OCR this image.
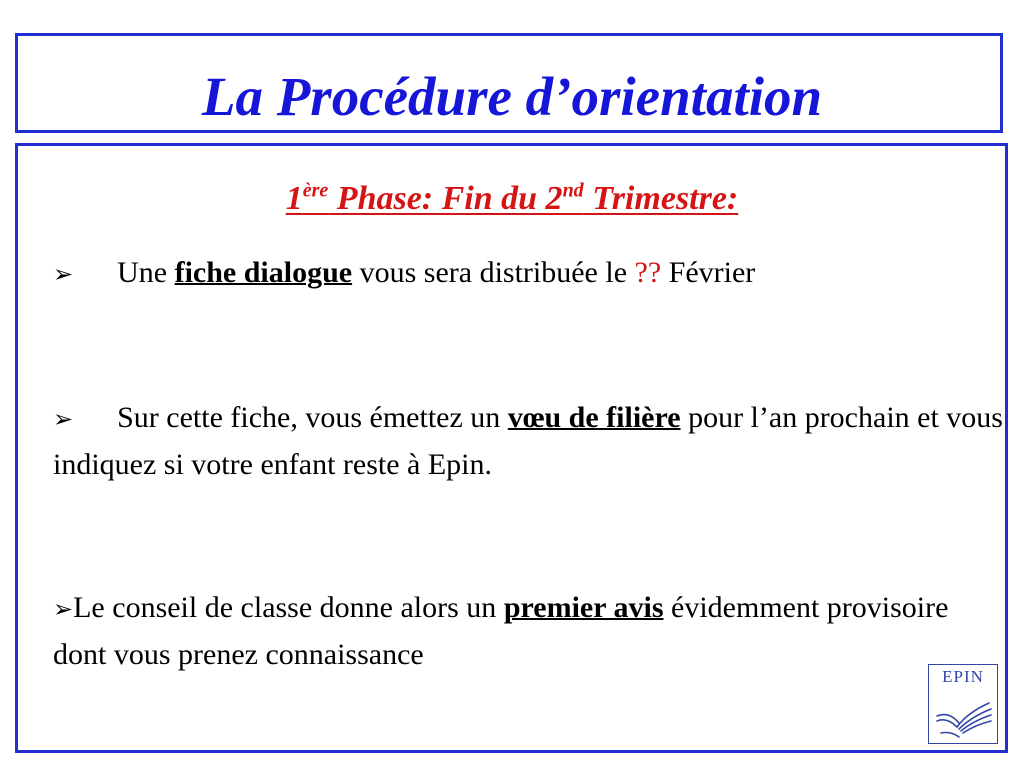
La Procédure d’orientation
1ère Phase: Fin du 2nd Trimestre:

➢ Une fiche dialogue vous sera distribuée le ?? Février

➢ Sur cette fiche, vous émettez un vœu de filière pour l’an prochain et vous indiquez si votre enfant reste à Epin.

➢Le conseil de classe donne alors un premier avis évidemment provisoire dont vous prenez connaissance

EPIN
